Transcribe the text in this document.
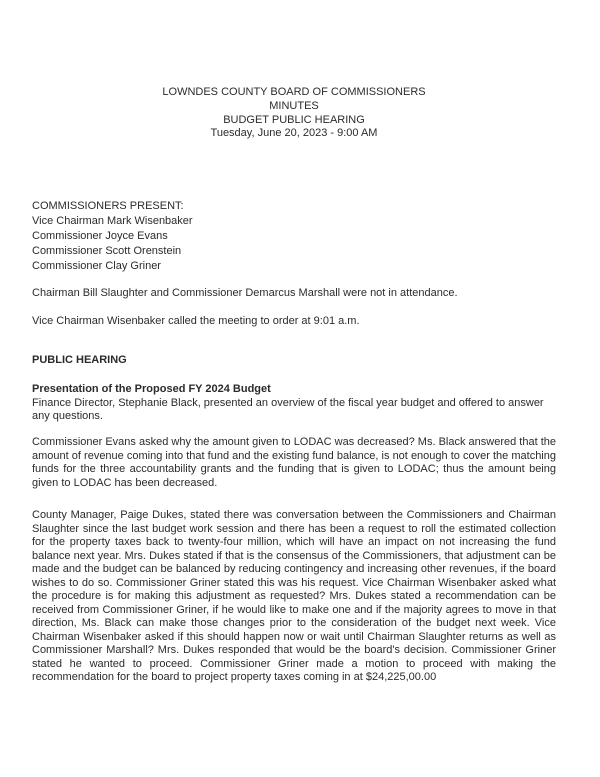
LOWNDES COUNTY BOARD OF COMMISSIONERS
MINUTES
BUDGET PUBLIC HEARING
Tuesday, June 20, 2023 - 9:00 AM
COMMISSIONERS PRESENT:
Vice Chairman Mark Wisenbaker
Commissioner Joyce Evans
Commissioner Scott Orenstein
Commissioner Clay Griner
Chairman Bill Slaughter and Commissioner Demarcus Marshall were not in attendance.
Vice Chairman Wisenbaker called the meeting to order at 9:01 a.m.
PUBLIC HEARING
Presentation of the Proposed FY 2024 Budget
Finance Director, Stephanie Black, presented an overview of the fiscal year budget and offered to answer any questions.
Commissioner Evans asked why the amount given to LODAC was decreased? Ms. Black answered that the amount of revenue coming into that fund and the existing fund balance, is not enough to cover the matching funds for the three accountability grants and the funding that is given to LODAC; thus the amount being given to LODAC has been decreased.
County Manager, Paige Dukes, stated there was conversation between the Commissioners and Chairman Slaughter since the last budget work session and there has been a request to roll the estimated collection for the property taxes back to twenty-four million, which will have an impact on not increasing the fund balance next year. Mrs. Dukes stated if that is the consensus of the Commissioners, that adjustment can be made and the budget can be balanced by reducing contingency and increasing other revenues, if the board wishes to do so. Commissioner Griner stated this was his request. Vice Chairman Wisenbaker asked what the procedure is for making this adjustment as requested? Mrs. Dukes stated a recommendation can be received from Commissioner Griner, if he would like to make one and if the majority agrees to move in that direction, Ms. Black can make those changes prior to the consideration of the budget next week. Vice Chairman Wisenbaker asked if this should happen now or wait until Chairman Slaughter returns as well as Commissioner Marshall? Mrs. Dukes responded that would be the board's decision. Commissioner Griner stated he wanted to proceed. Commissioner Griner made a motion to proceed with making the recommendation for the board to project property taxes coming in at $24,225,00.00
